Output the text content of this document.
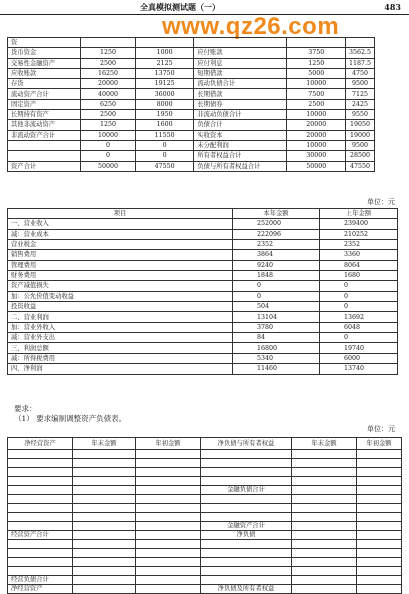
全真模拟测试题（一）	483
www.qz26.com
资					
货币资金	1250	1000	应付账款	3750	3562.5
交易性金融资产	2500	2125	应付利息	1250	1187.5
应收账款	16250	13750	短期借款	5000	4750
存货	20000	19125	流动负债合计	10000	9500
流动资产合计	40000	36000	长期借款	7500	7125
固定资产	6250	8000	长期债券	2500	2425
长期持有资产	2500	1950	非流动负债合计	10000	9550
其他非流动资产	1250	1600	负债合计	20000	19050
非流动资产合计	10000	11550	实收资本	20000	19000
	0	0	未分配利润	10000	9500
	0	0	所有者权益合计	30000	28500
资产合计	50000	47550	负债与所有者权益合计	50000	47550
单位：元
项目	本年金额	上年金额
一、营业收入	252000	239400
减：营业成本	222096	210252
营业税金	2352	2352
销售费用	3864	3360
管理费用	9240	8064
财务费用	1848	1680
资产减值损失	0	0
加：公允价值变动收益	0	0
投资收益	504	0
二、营业利润	13104	13692
加：营业外收入	3780	6048
减：营业外支出	84	0
三、利润总额	16800	19740
减：所得税费用	5340	6000
四、净利润	11460	13740
要求：
（1） 要求编制调整资产负债表。
单位：元
净经营资产	年末金额	年初金额	净负债与所有者权益	年末金额	年初金额

			金融负债合计		

			金融资产合计		
经营资产合计			净负债		

经营负债合计					
净经营资产			净负债及所有者权益		
